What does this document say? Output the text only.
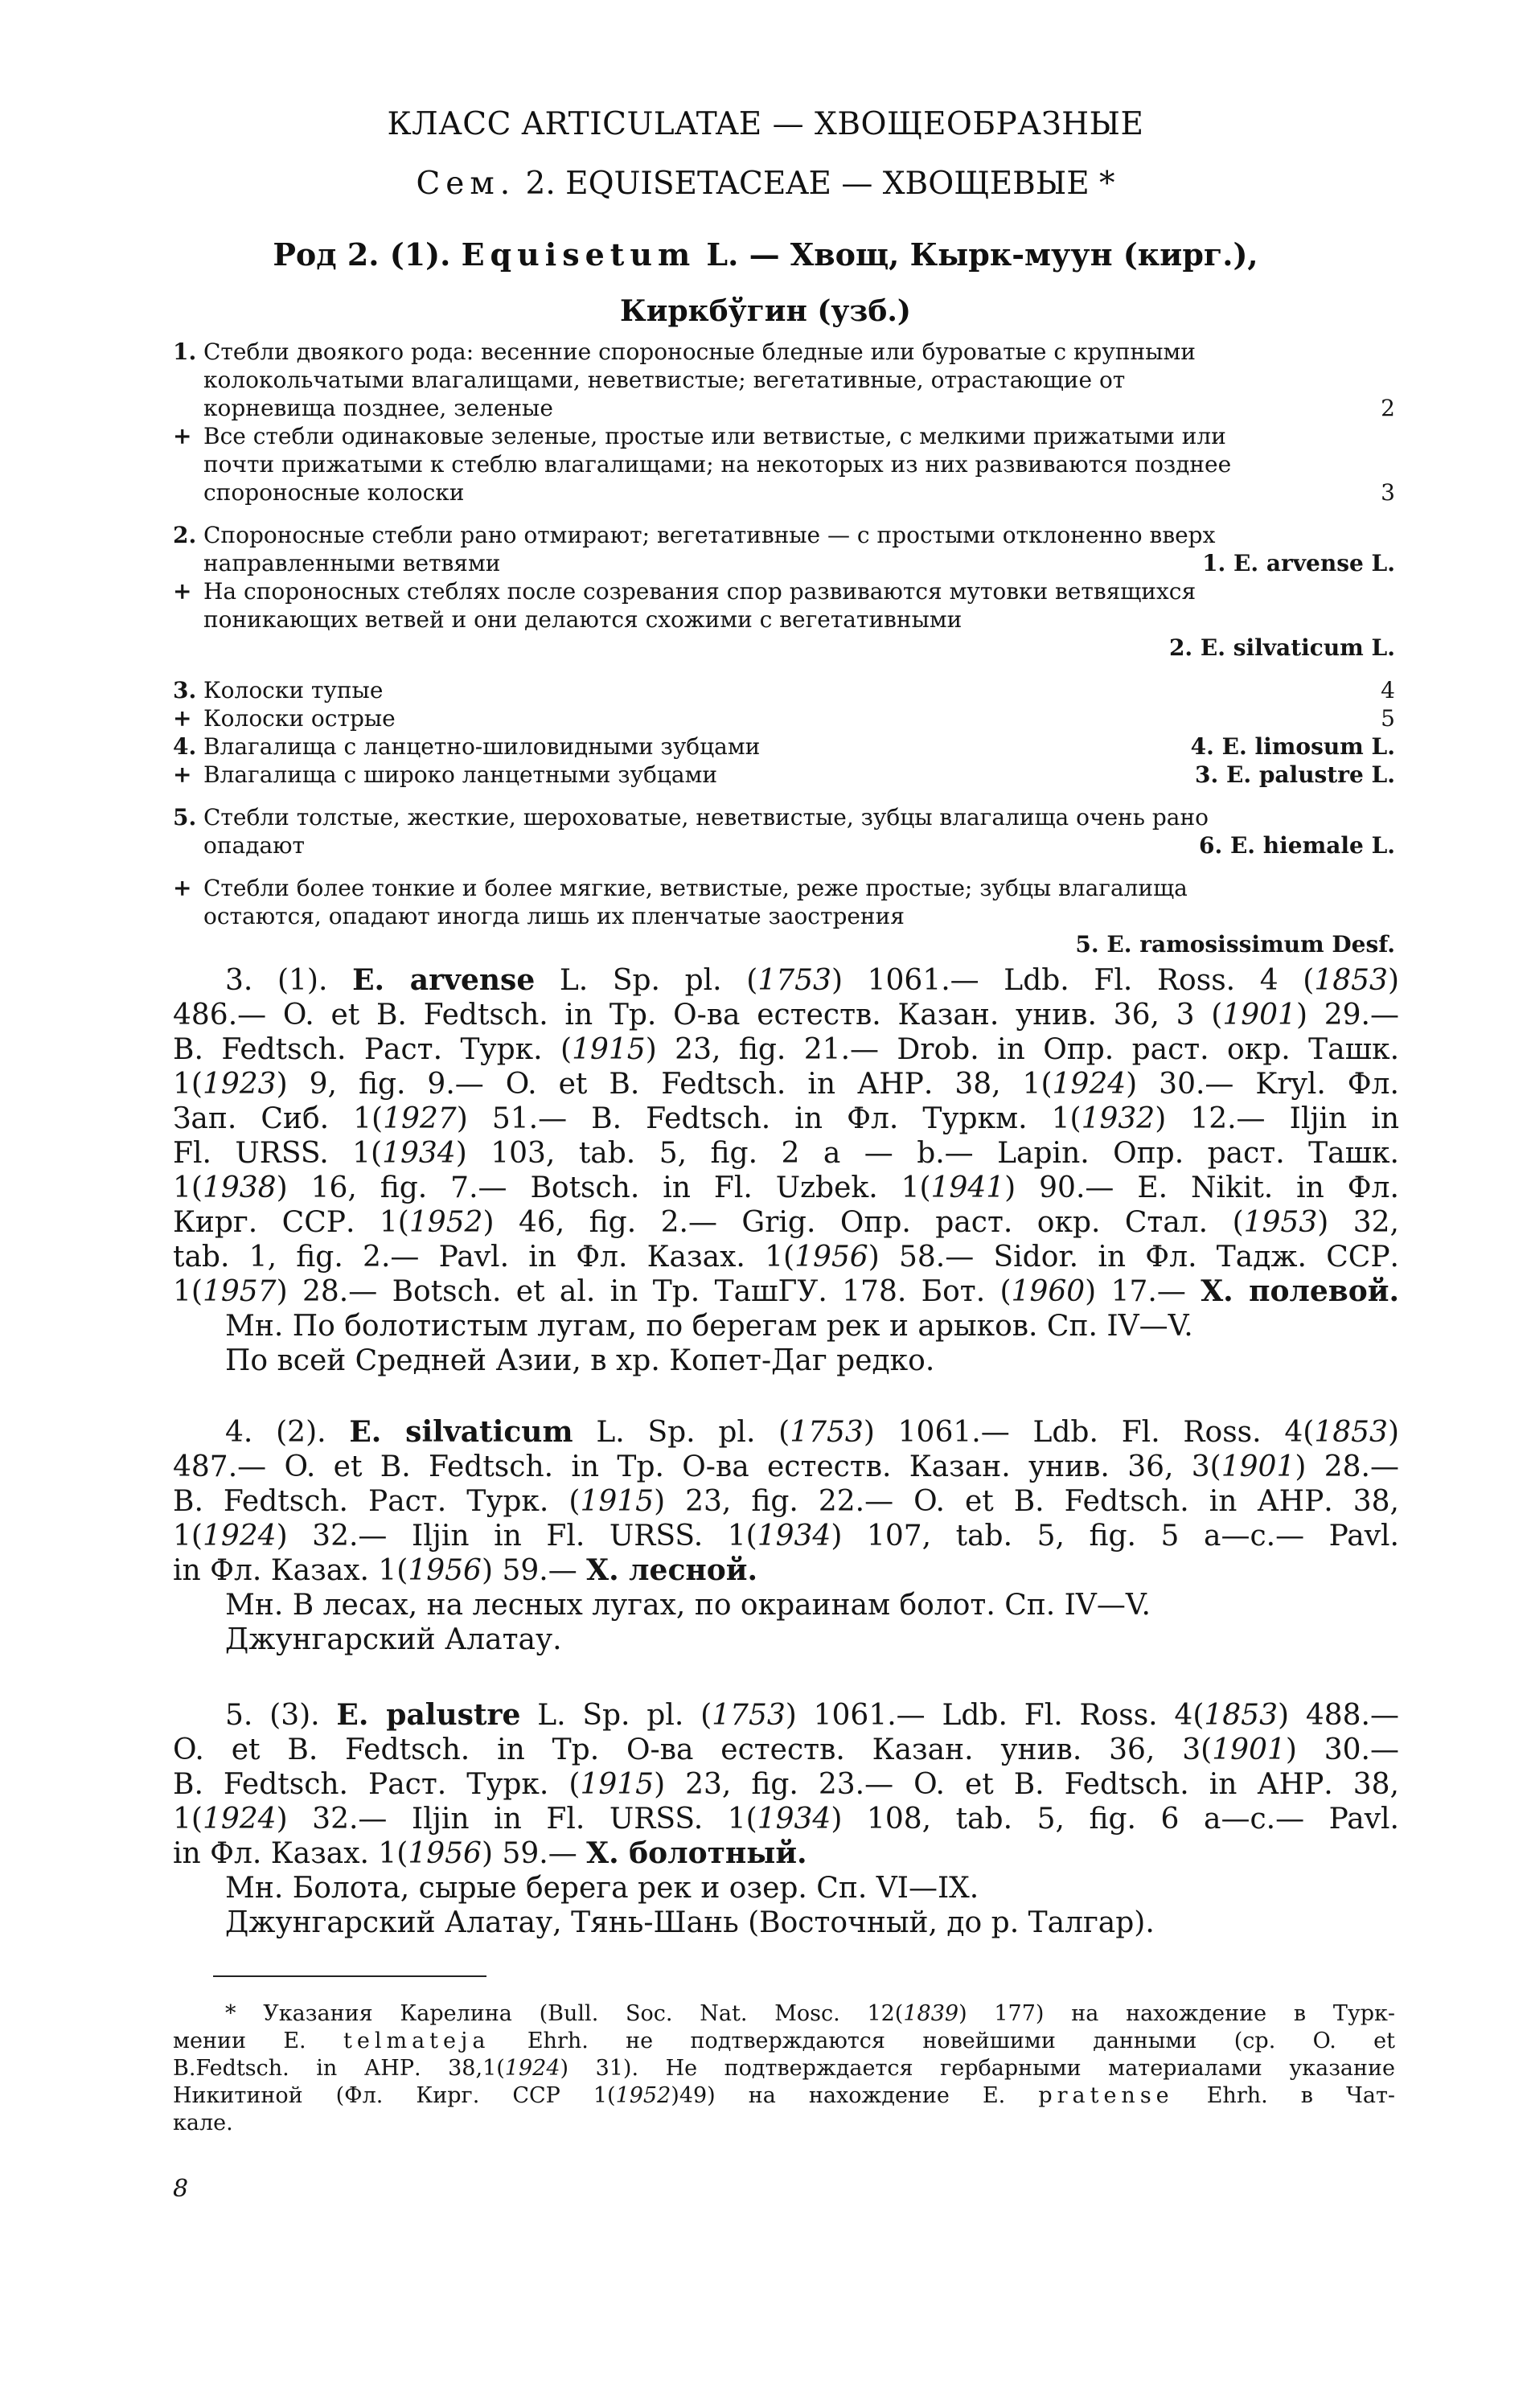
КЛАСС ARTICULATAE — ХВОЩЕОБРАЗНЫЕ
Сем. 2. EQUISETACEAE — ХВОЩЕВЫЕ *
Род 2. (1). Equisetum L. — Хвощ, Кырк-муун (кирг.),
Киркбўгин (узб.)
1. Стебли двоякого рода: весенние спороносные бледные или буроватые с крупными
колокольчатыми влагалищами, неветвистые; вегетативные, отрастающие от
корневища позднее, зеленые	2
+ Все стебли одинаковые зеленые, простые или ветвистые, с мелкими прижатыми или
почти прижатыми к стеблю влагалищами; на некоторых из них развиваются позднее
спороносные колоски	3
2. Спороносные стебли рано отмирают; вегетативные — с простыми отклоненно вверх
направленными ветвями	1. E. arvense L.
+ На спороносных стеблях после созревания спор развиваются мутовки ветвящихся
поникающих ветвей и они делаются схожими с вегетативными
2. E. silvaticum L.
3. Колоски тупые	4
+ Колоски острые	5
4. Влагалища с ланцетно-шиловидными зубцами	4. E. limosum L.
+ Влагалища с широко ланцетными зубцами	3. E. palustre L.
5. Стебли толстые, жесткие, шероховатые, неветвистые, зубцы влагалища очень рано
опадают	6. E. hiemale L.
+ Стебли более тонкие и более мягкие, ветвистые, реже простые; зубцы влагалища
остаются, опадают иногда лишь их пленчатые заострения
5. E. ramosissimum Desf.
3. (1). E. arvense L. Sp. pl. (1753) 1061.— Ldb. Fl. Ross. 4 (1853)
486.— O. et B. Fedtsch. in Тр. О-ва естеств. Казан. унив. 36, 3 (1901) 29.—
B. Fedtsch. Раст. Турк. (1915) 23, fig. 21.— Drob. in Опр. раст. окр. Ташк.
1(1923) 9, fig. 9.— O. et B. Fedtsch. in АНР. 38, 1(1924) 30.— Kryl. Фл.
Зап. Сиб. 1(1927) 51.— B. Fedtsch. in Фл. Туркм. 1(1932) 12.— Iljin in
Fl. URSS. 1(1934) 103, tab. 5, fig. 2 a — b.— Lapin. Опр. раст. Ташк.
1(1938) 16, fig. 7.— Botsch. in Fl. Uzbek. 1(1941) 90.— E. Nikit. in Фл.
Кирг. ССР. 1(1952) 46, fig. 2.— Grig. Опр. раст. окр. Стал. (1953) 32,
tab. 1, fig. 2.— Pavl. in Фл. Казах. 1(1956) 58.— Sidor. in Фл. Тадж. ССР.
1(1957) 28.— Botsch. et al. in Тр. ТашГУ. 178. Бот. (1960) 17.— Х. полевой.
Мн. По болотистым лугам, по берегам рек и арыков. Сп. IV—V.
По всей Средней Азии, в хр. Копет-Даг редко.
4. (2). E. silvaticum L. Sp. pl. (1753) 1061.— Ldb. Fl. Ross. 4(1853)
487.— O. et B. Fedtsch. in Тр. О-ва естеств. Казан. унив. 36, 3(1901) 28.—
B. Fedtsch. Раст. Турк. (1915) 23, fig. 22.— O. et B. Fedtsch. in АНР. 38,
1(1924) 32.— Iljin in Fl. URSS. 1(1934) 107, tab. 5, fig. 5 a—c.— Pavl.
in Фл. Казах. 1(1956) 59.— Х. лесной.
Мн. В лесах, на лесных лугах, по окраинам болот. Сп. IV—V.
Джунгарский Алатау.
5. (3). E. palustre L. Sp. pl. (1753) 1061.— Ldb. Fl. Ross. 4(1853) 488.—
O. et B. Fedtsch. in Тр. О-ва естеств. Казан. унив. 36, 3(1901) 30.—
B. Fedtsch. Раст. Турк. (1915) 23, fig. 23.— O. et B. Fedtsch. in АНР. 38,
1(1924) 32.— Iljin in Fl. URSS. 1(1934) 108, tab. 5, fig. 6 a—c.— Pavl.
in Фл. Казах. 1(1956) 59.— Х. болотный.
Мн. Болота, сырые берега рек и озер. Сп. VI—IX.
Джунгарский Алатау, Тянь-Шань (Восточный, до р. Талгар).
* Указания Карелина (Bull. Soc. Nat. Mosc. 12(1839) 177) на нахождение в Турк-
мении E. telmateja Ehrh. не подтверждаются новейшими данными (ср. O. et
B.Fedtsch. in АНР. 38,1(1924) 31). Не подтверждается гербарными материалами указание
Никитиной (Фл. Кирг. ССР 1(1952)49) на нахождение E. pratense Ehrh. в Чат-
кале.
8
